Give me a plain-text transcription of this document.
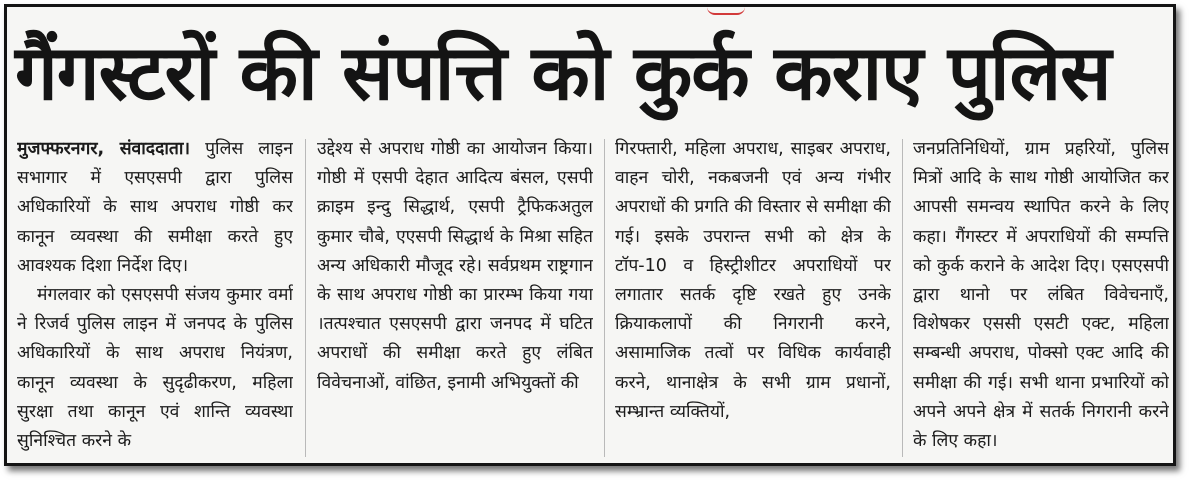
गैंगस्टरों की संपत्ति को कुर्क कराए पुलिस

मुजफ्फरनगर, संवाददाता। पुलिस लाइन सभागार में एसएसपी द्वारा पुलिस अधिकारियों के साथ अपराध गोष्ठी कर कानून व्यवस्था की समीक्षा करते हुए आवश्यक दिशा निर्देश दिए।

मंगलवार को एसएसपी संजय कुमार वर्मा ने रिजर्व पुलिस लाइन में जनपद के पुलिस अधिकारियों के साथ अपराध नियंत्रण, कानून व्यवस्था के सुदृढीकरण, महिला सुरक्षा तथा कानून एवं शान्ति व्यवस्था सुनिश्चित करने के

उद्देश्य से अपराध गोष्ठी का आयोजन किया। गोष्ठी में एसपी देहात आदित्य बंसल, एसपी क्राइम इन्दु सिद्धार्थ, एसपी ट्रैफिकअतुल कुमार चौबे, एएसपी सिद्धार्थ के मिश्रा सहित अन्य अधिकारी मौजूद रहे। सर्वप्रथम राष्ट्रगान के साथ अपराध गोष्ठी का प्रारम्भ किया गया ।तत्पश्चात एसएसपी द्वारा जनपद में घटित अपराधों की समीक्षा करते हुए लंबित विवेचनाओं, वांछित, इनामी अभियुक्तों की

गिरफ्तारी, महिला अपराध, साइबर अपराध, वाहन चोरी, नकबजनी एवं अन्य गंभीर अपराधों की प्रगति की विस्तार से समीक्षा की गई। इसके उपरान्त सभी को क्षेत्र के टॉप-10 व हिस्ट्रीशीटर अपराधियों पर लगातार सतर्क दृष्टि रखते हुए उनके क्रियाकलापों की निगरानी करने, असामाजिक तत्वों पर विधिक कार्यवाही करने, थानाक्षेत्र के सभी ग्राम प्रधानों, सम्भ्रान्त व्यक्तियों,

जनप्रतिनिधियों, ग्राम प्रहरियों, पुलिस मित्रों आदि के साथ गोष्ठी आयोजित कर आपसी समन्वय स्थापित करने के लिए कहा। गैंगस्टर में अपराधियों की सम्पत्ति को कुर्क कराने के आदेश दिए। एसएसपी द्वारा थानो पर लंबित विवेचनाएँ, विशेषकर एससी एसटी एक्ट, महिला सम्बन्धी अपराध, पोक्सो एक्ट आदि की समीक्षा की गई। सभी थाना प्रभारियों को अपने अपने क्षेत्र में सतर्क निगरानी करने के लिए कहा।
